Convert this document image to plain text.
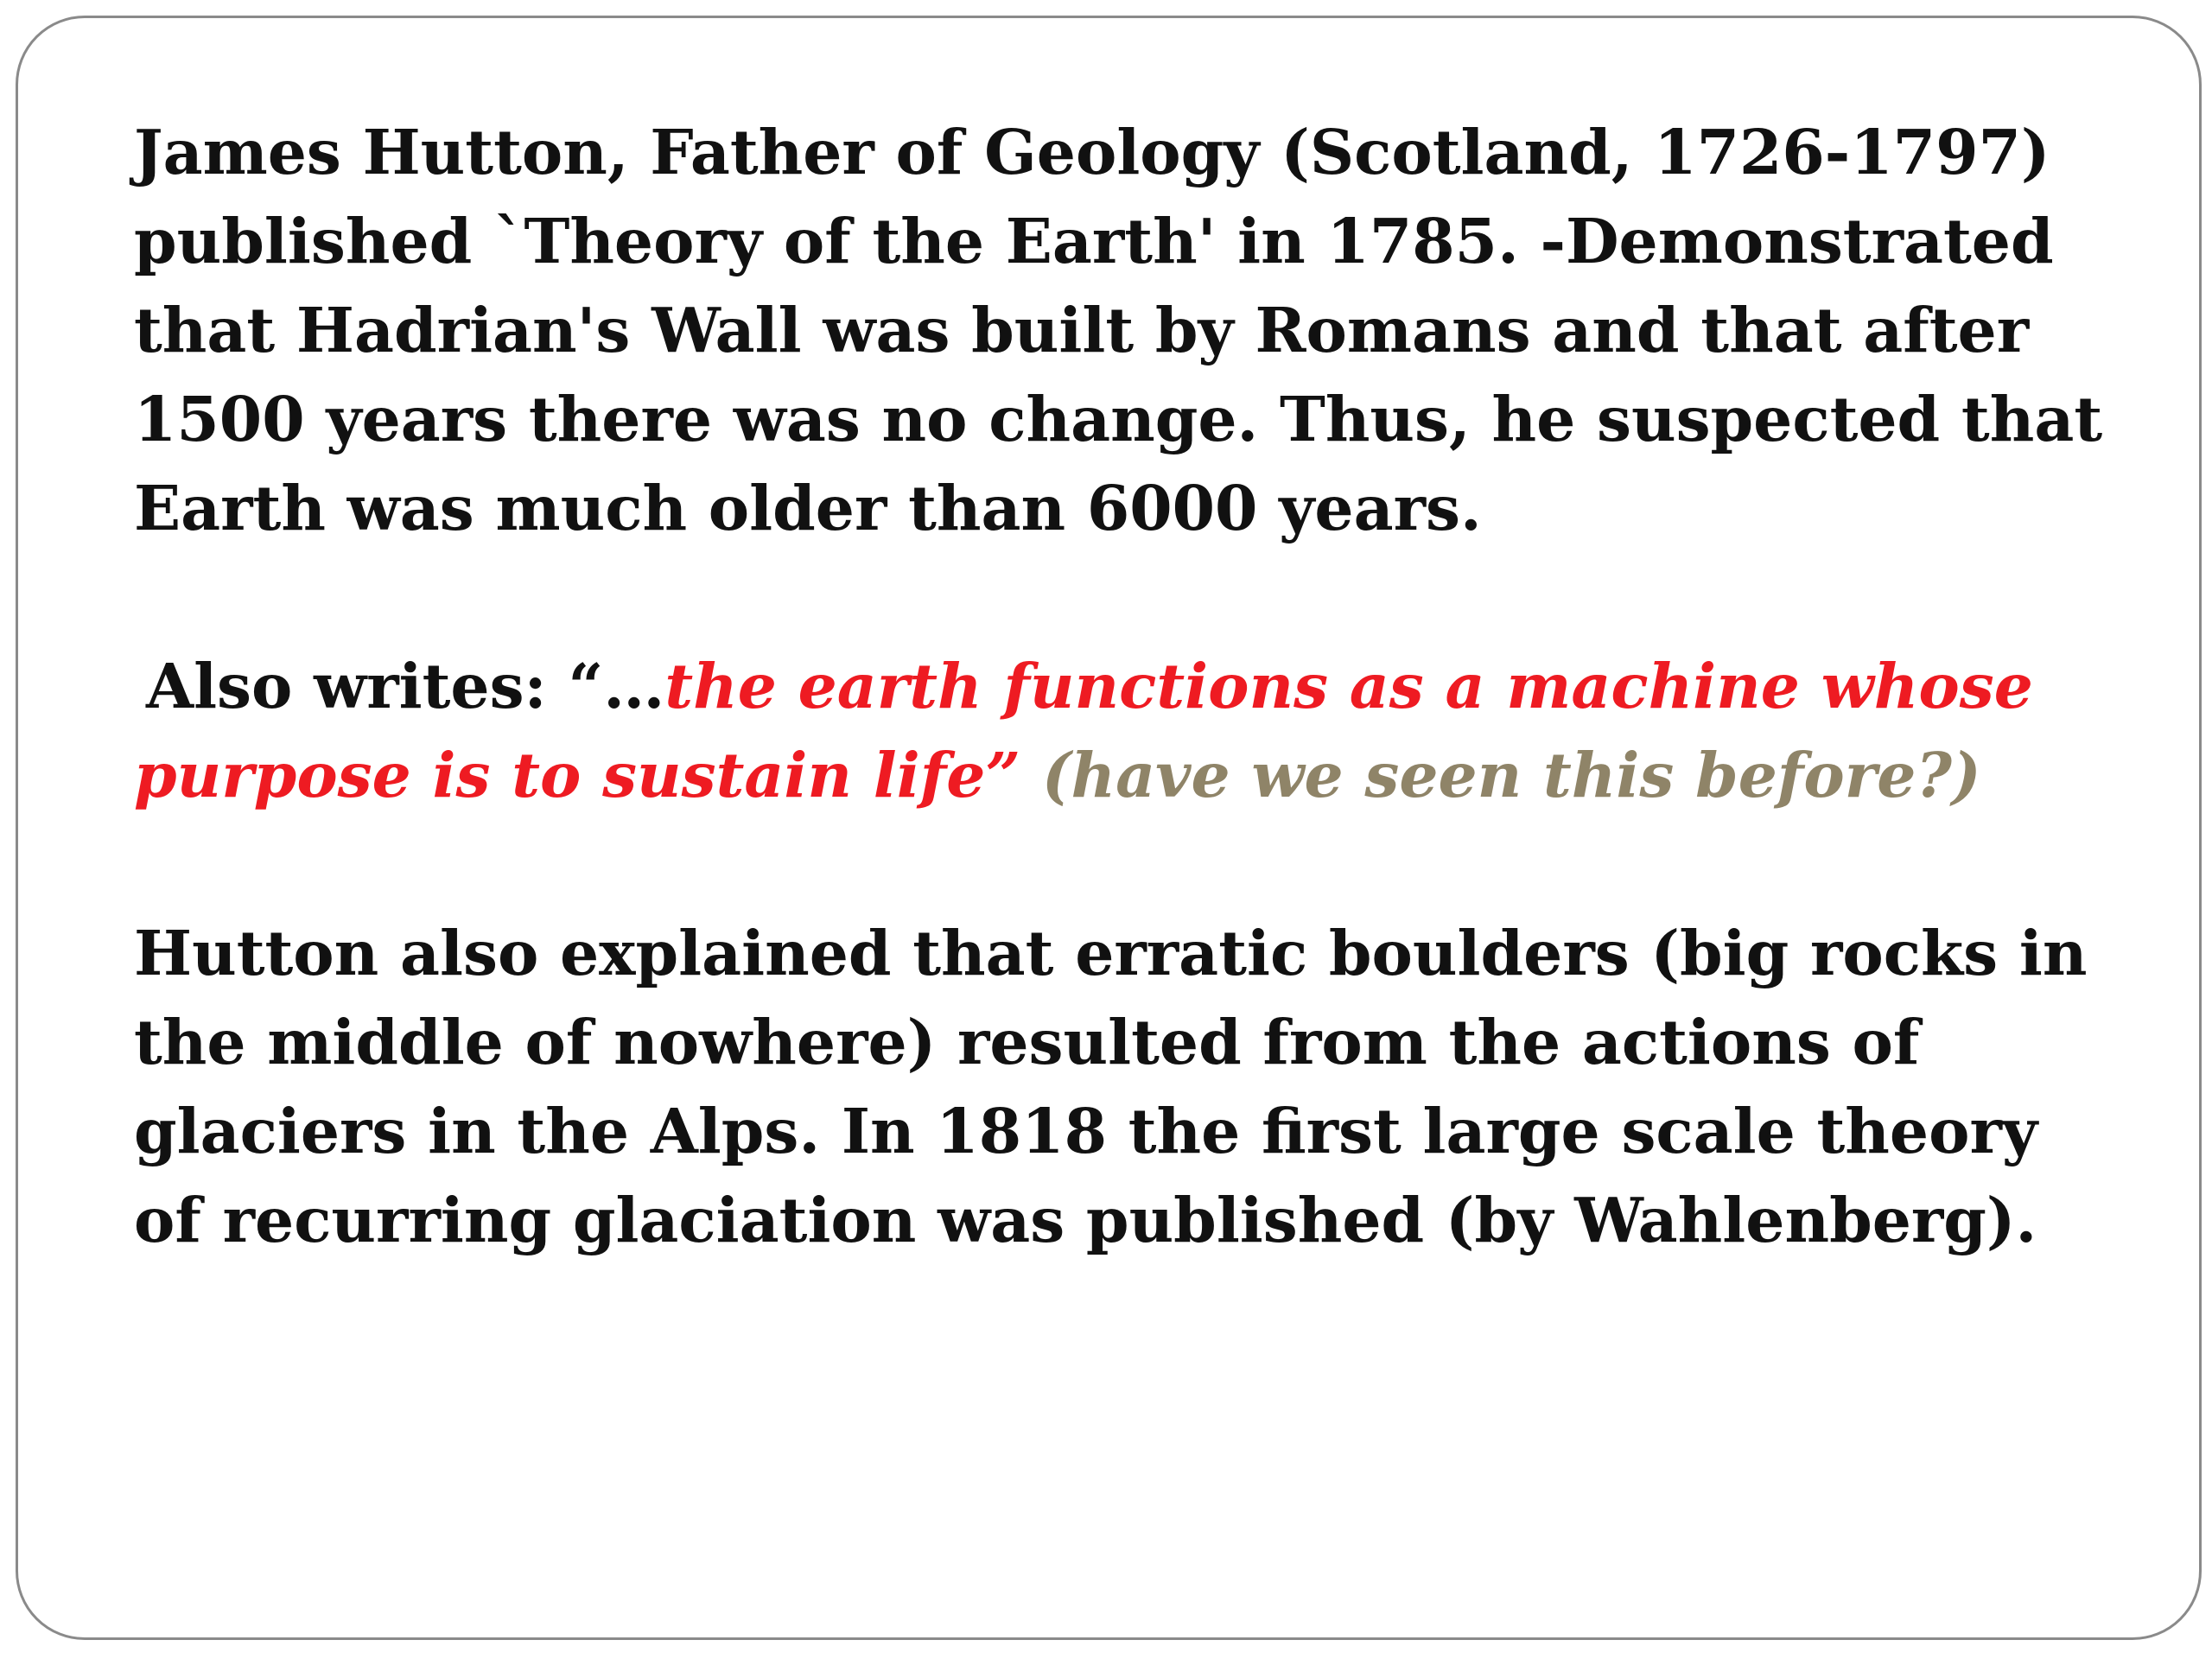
James Hutton, Father of Geology (Scotland, 1726-1797) published `Theory of the Earth' in 1785. -Demonstrated that Hadrian's Wall was built by Romans and that after 1500 years there was no change. Thus, he suspected that Earth was much older than 6000 years.

Also writes: “…the earth functions as a machine whose purpose is to sustain life” (have we seen this before?)

Hutton also explained that erratic boulders (big rocks in the middle of nowhere) resulted from the actions of glaciers in the Alps. In 1818 the first large scale theory of recurring glaciation was published (by Wahlenberg).
